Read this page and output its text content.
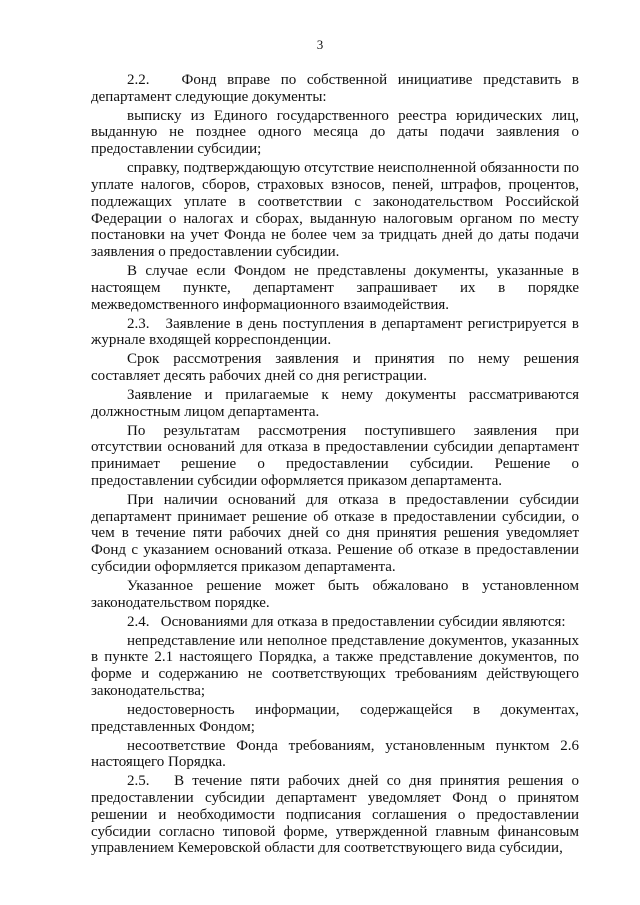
3

2.2.   Фонд вправе по собственной инициативе представить в департамент следующие документы:

выписку из Единого государственного реестра юридических лиц, выданную не позднее одного месяца до даты подачи заявления о предоставлении субсидии;

справку, подтверждающую отсутствие неисполненной обязанности по уплате налогов, сборов, страховых взносов, пеней, штрафов, процентов, подлежащих уплате в соответствии с законодательством Российской Федерации о налогах и сборах, выданную налоговым органом по месту постановки на учет Фонда не более чем за тридцать дней до даты подачи заявления о предоставлении субсидии.

В случае если Фондом не представлены документы, указанные в настоящем пункте, департамент запрашивает их в порядке межведомственного информационного взаимодействия.

2.3.   Заявление в день поступления в департамент регистрируется в журнале входящей корреспонденции.

Срок рассмотрения заявления и принятия по нему решения составляет десять рабочих дней со дня регистрации.

Заявление и прилагаемые к нему документы рассматриваются должностным лицом департамента.

По результатам рассмотрения поступившего заявления при отсутствии оснований для отказа в предоставлении субсидии департамент принимает решение о предоставлении субсидии. Решение о предоставлении субсидии оформляется приказом департамента.

При наличии оснований для отказа в предоставлении субсидии департамент принимает решение об отказе в предоставлении субсидии, о чем в течение пяти рабочих дней со дня принятия решения уведомляет Фонд с указанием оснований отказа. Решение об отказе в предоставлении субсидии оформляется приказом департамента.

Указанное решение может быть обжаловано в установленном законодательством порядке.

2.4.   Основаниями для отказа в предоставлении субсидии являются:

непредставление или неполное представление документов, указанных в пункте 2.1 настоящего Порядка, а также представление документов, по форме и содержанию не соответствующих требованиям действующего законодательства;

недостоверность информации, содержащейся в документах, представленных Фондом;

несоответствие Фонда требованиям, установленным пунктом 2.6 настоящего Порядка.

2.5.   В течение пяти рабочих дней со дня принятия решения о предоставлении субсидии департамент уведомляет Фонд о принятом решении и необходимости подписания соглашения о предоставлении субсидии согласно типовой форме, утвержденной главным финансовым управлением Кемеровской области для соответствующего вида субсидии,
